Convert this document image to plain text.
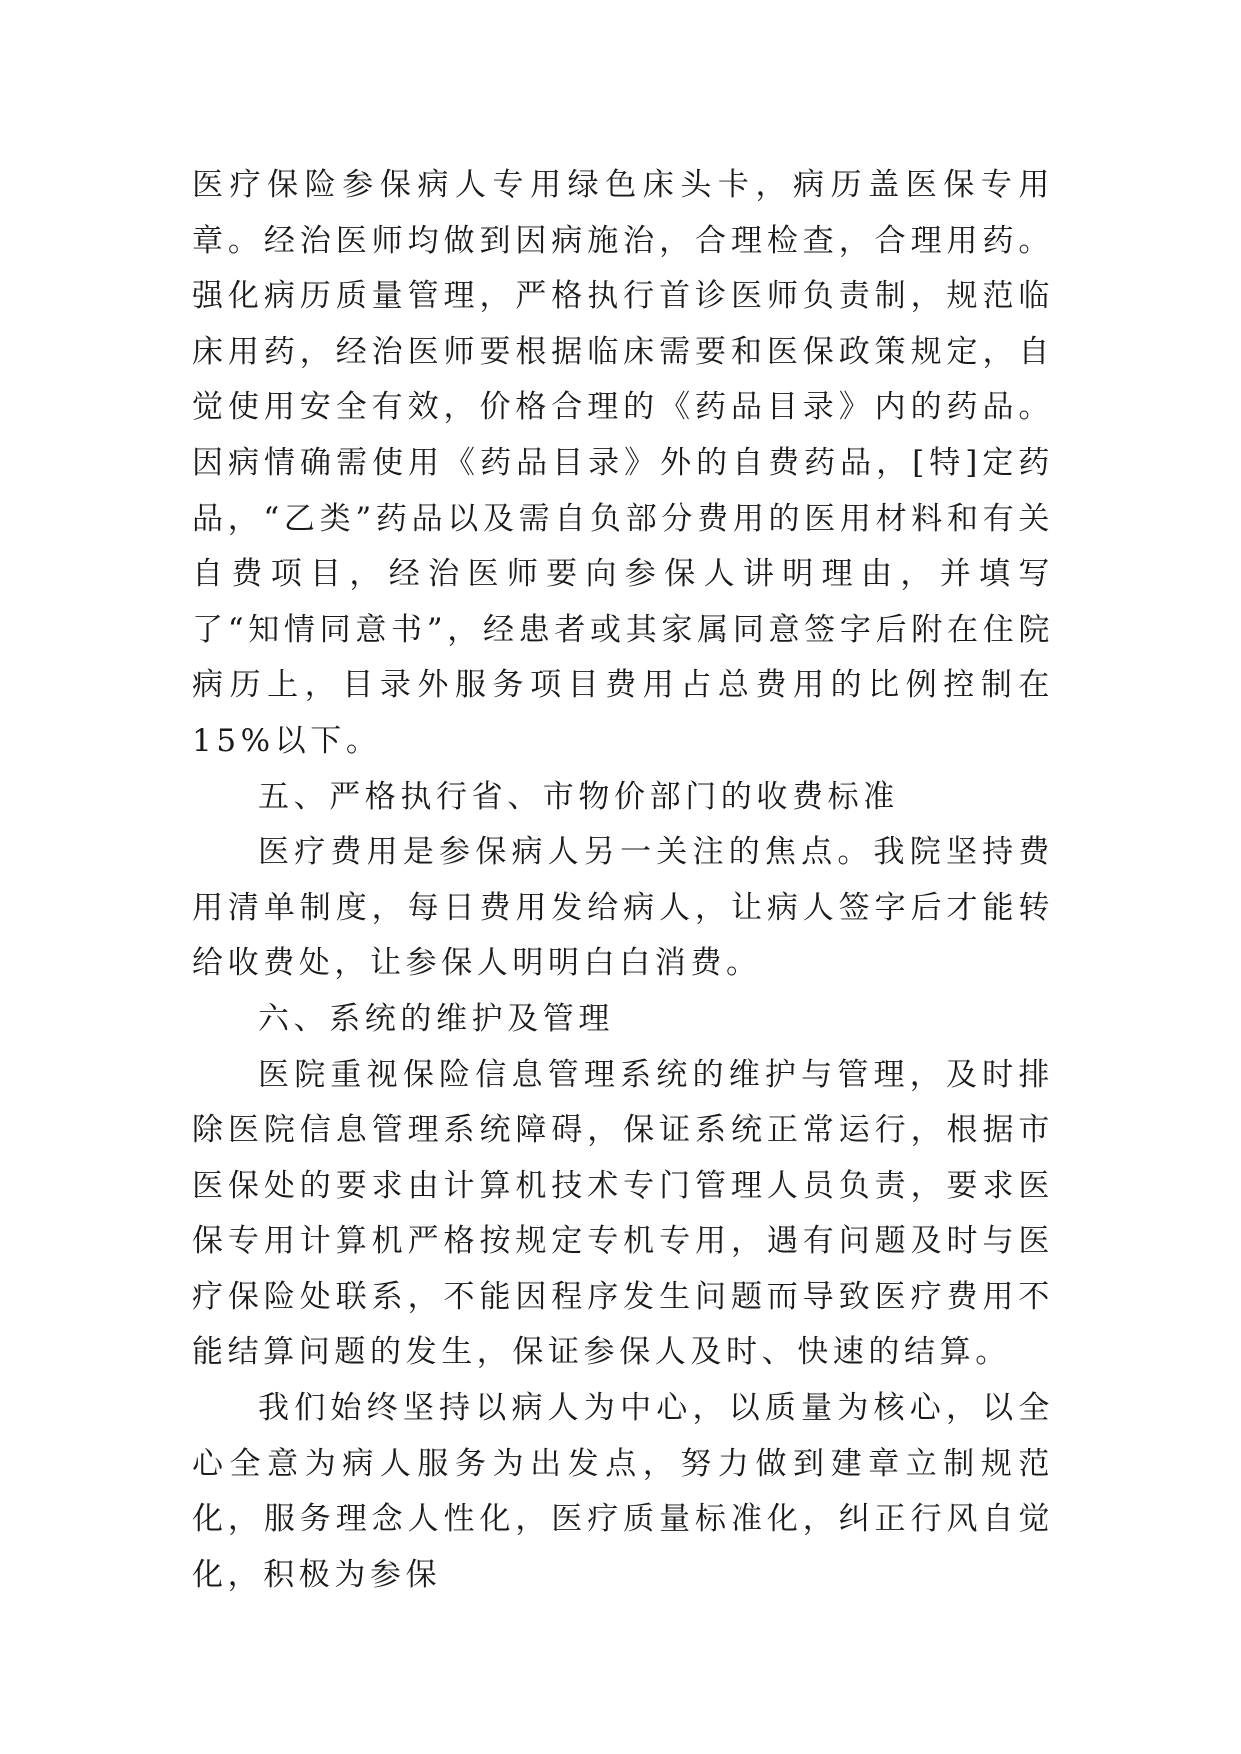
医疗保险参保病人专用绿色床头卡，病历盖医保专用章。经治医师均做到因病施治，合理检查，合理用药。强化病历质量管理，严格执行首诊医师负责制，规范临床用药，经治医师要根据临床需要和医保政策规定，自觉使用安全有效，价格合理的《药品目录》内的药品。因病情确需使用《药品目录》外的自费药品，[特]定药品，“乙类”药品以及需自负部分费用的医用材料和有关自费项目，经治医师要向参保人讲明理由，并填写了“知情同意书”，经患者或其家属同意签字后附在住院病历上，目录外服务项目费用占总费用的比例控制在 15%以下。

五、严格执行省、市物价部门的收费标准

医疗费用是参保病人另一关注的焦点。我院坚持费用清单制度，每日费用发给病人，让病人签字后才能转给收费处，让参保人明明白白消费。

六、系统的维护及管理

医院重视保险信息管理系统的维护与管理，及时排除医院信息管理系统障碍，保证系统正常运行，根据市医保处的要求由计算机技术专门管理人员负责，要求医保专用计算机严格按规定专机专用，遇有问题及时与医疗保险处联系，不能因程序发生问题而导致医疗费用不能结算问题的发生，保证参保人及时、快速的结算。

我们始终坚持以病人为中心，以质量为核心，以全心全意为病人服务为出发点，努力做到建章立制规范化，服务理念人性化，医疗质量标准化，纠正行风自觉化，积极为参保
